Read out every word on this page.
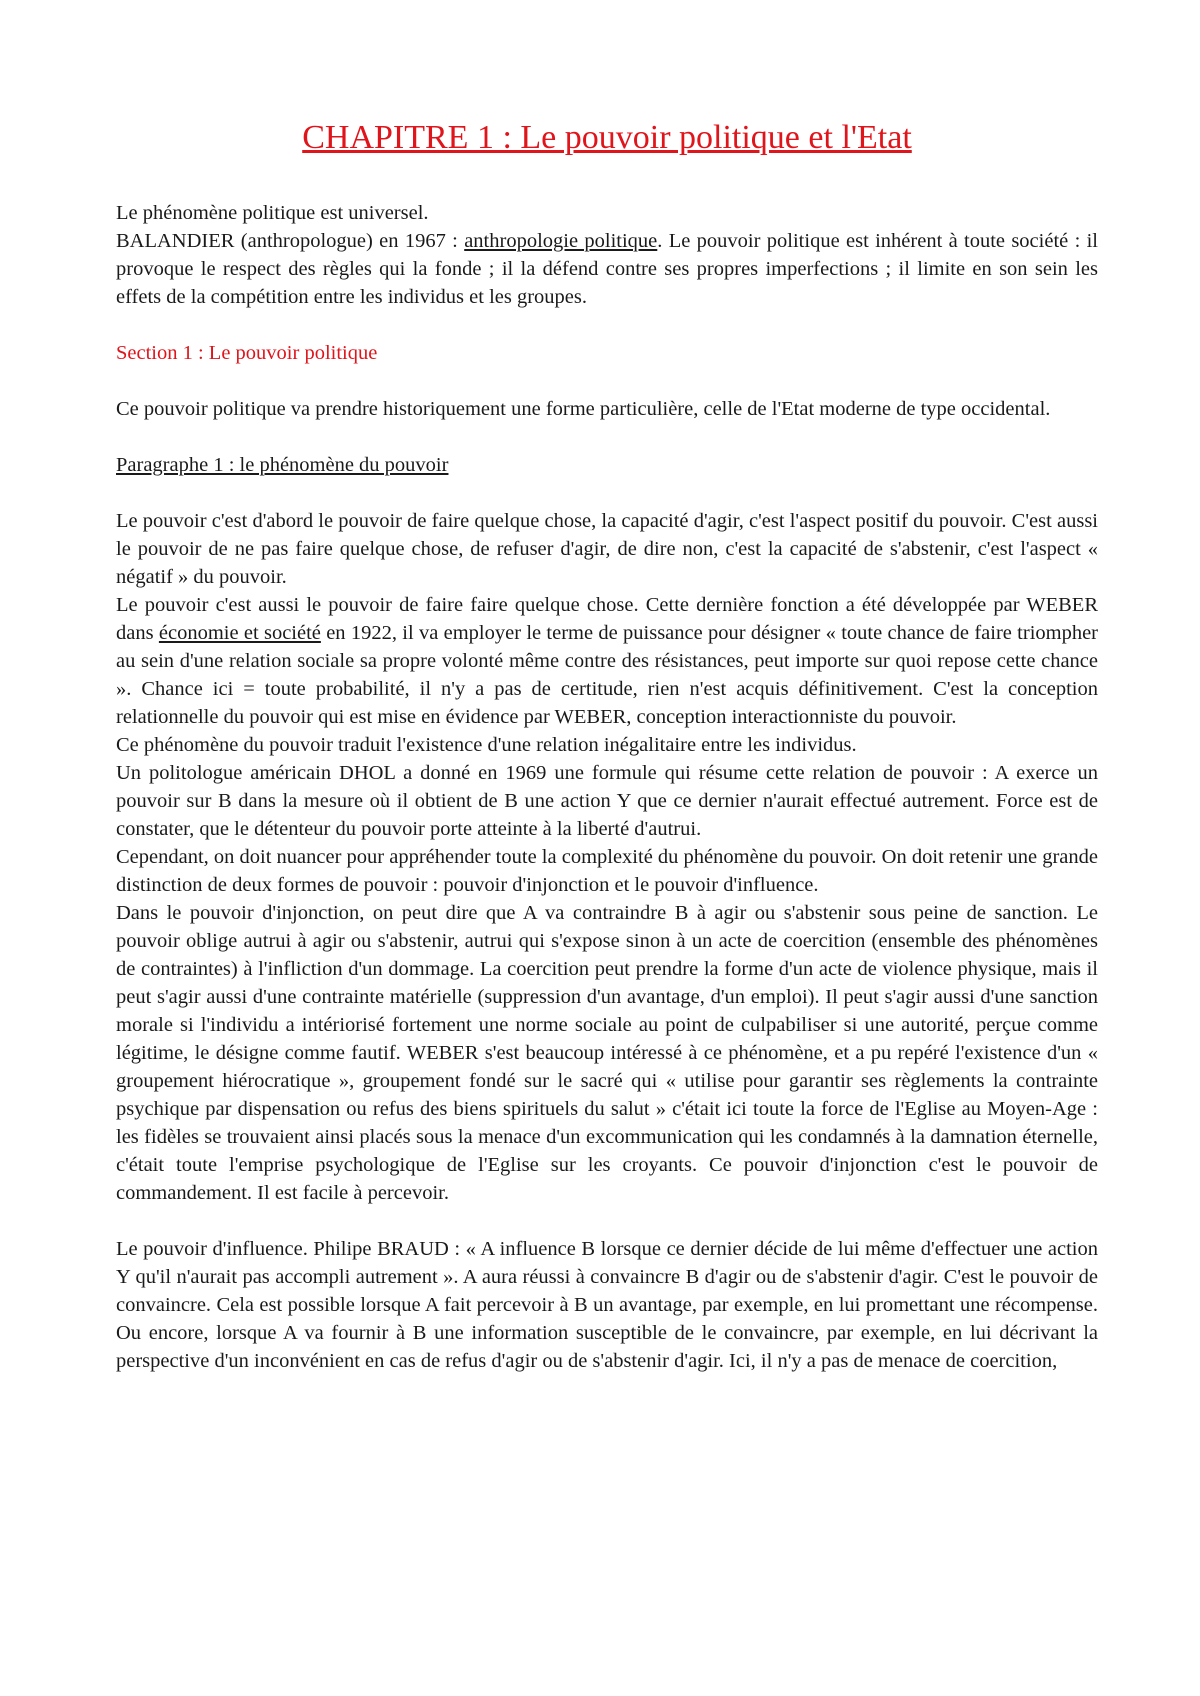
CHAPITRE 1 : Le pouvoir politique et l'Etat

Le phénomène politique est universel.

BALANDIER (anthropologue) en 1967 : anthropologie politique. Le pouvoir politique est inhérent à toute société : il provoque le respect des règles qui la fonde ; il la défend contre ses propres imperfections ; il limite en son sein les effets de la compétition entre les individus et les groupes.

Section 1 : Le pouvoir politique

Ce pouvoir politique va prendre historiquement une forme particulière, celle de l'Etat moderne de type occidental.

Paragraphe 1 : le phénomène du pouvoir

Le pouvoir c'est d'abord le pouvoir de faire quelque chose, la capacité d'agir, c'est l'aspect positif du pouvoir. C'est aussi le pouvoir de ne pas faire quelque chose, de refuser d'agir, de dire non, c'est la capacité de s'abstenir, c'est l'aspect « négatif » du pouvoir.

Le pouvoir c'est aussi le pouvoir de faire faire quelque chose. Cette dernière fonction a été développée par WEBER dans économie et société en 1922, il va employer le terme de puissance pour désigner « toute chance de faire triompher au sein d'une relation sociale sa propre volonté même contre des résistances, peut importe sur quoi repose cette chance ». Chance ici = toute probabilité, il n'y a pas de certitude, rien n'est acquis définitivement. C'est la conception relationnelle du pouvoir qui est mise en évidence par WEBER, conception interactionniste du pouvoir.

Ce phénomène du pouvoir traduit l'existence d'une relation inégalitaire entre les individus.

Un politologue américain DHOL a donné en 1969 une formule qui résume cette relation de pouvoir : A exerce un pouvoir sur B dans la mesure où il obtient de B une action Y que ce dernier n'aurait effectué autrement. Force est de constater, que le détenteur du pouvoir porte atteinte à la liberté d'autrui.

Cependant, on doit nuancer pour appréhender toute la complexité du phénomène du pouvoir. On doit retenir une grande distinction de deux formes de pouvoir : pouvoir d'injonction et le pouvoir d'influence.

Dans le pouvoir d'injonction, on peut dire que A va contraindre B à agir ou s'abstenir sous peine de sanction. Le pouvoir oblige autrui à agir ou s'abstenir, autrui qui s'expose sinon à un acte de coercition (ensemble des phénomènes de contraintes) à l'infliction d'un dommage. La coercition peut prendre la forme d'un acte de violence physique, mais il peut s'agir aussi d'une contrainte matérielle (suppression d'un avantage, d'un emploi). Il peut s'agir aussi d'une sanction morale si l'individu a intériorisé fortement une norme sociale au point de culpabiliser si une autorité, perçue comme légitime, le désigne comme fautif. WEBER s'est beaucoup intéressé à ce phénomène, et a pu repéré l'existence d'un « groupement hiérocratique », groupement fondé sur le sacré qui « utilise pour garantir ses règlements la contrainte psychique par dispensation ou refus des biens spirituels du salut » c'était ici toute la force de l'Eglise au Moyen-Age : les fidèles se trouvaient ainsi placés sous la menace d'un excommunication qui les condamnés à la damnation éternelle, c'était toute l'emprise psychologique de l'Eglise sur les croyants. Ce pouvoir d'injonction c'est le pouvoir de commandement. Il est facile à percevoir.

Le pouvoir d'influence. Philipe BRAUD : « A influence B lorsque ce dernier décide de lui même d'effectuer une action Y qu'il n'aurait pas accompli autrement ». A aura réussi à convaincre B d'agir ou de s'abstenir d'agir. C'est le pouvoir de convaincre. Cela est possible lorsque A fait percevoir à B un avantage, par exemple, en lui promettant une récompense. Ou encore, lorsque A va fournir à B une information susceptible de le convaincre, par exemple, en lui décrivant la perspective d'un inconvénient en cas de refus d'agir ou de s'abstenir d'agir. Ici, il n'y a pas de menace de coercition,
